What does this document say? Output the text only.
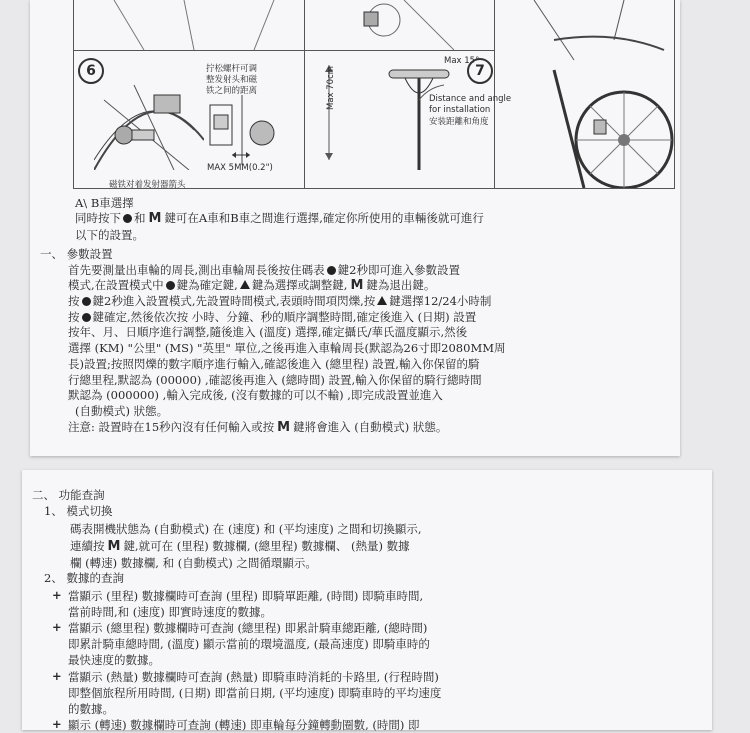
6	拧松螺杆可调
整发射头和磁
铁之间的距离
MAX 5MM(0.2")
磁铁对着发射器箭头
Max 15°
7
Max 70cm	Distance and angle
for installation
安装距離和角度
A\ B車選擇
同時按下 和 M 鍵可在A車和B車之間進行選擇,確定你所使用的車輛後就可進行
以下的設置。
一、 參數設置
首先要測量出車輪的周長,測出車輪周長後按住碼表 鍵2秒即可進入參數設置
模式,在設置模式中 鍵為確定鍵, 鍵為選擇或調整鍵, M 鍵為退出鍵。
按 鍵2秒進入設置模式,先設置時間模式,表頭時間項閃爍,按 鍵選擇12/24小時制
按 鍵確定,然後依次按 小時、分鐘、秒的順序調整時間,確定後進入 (日期) 設置
按年、月、日順序進行調整,隨後進入 (溫度) 選擇,確定攝氏/華氏溫度顯示,然後
選擇 (KM) "公里" (MS) "英里" 單位,之後再進入車輪周長(默認為26寸即2080MM周
長)設置;按照閃爍的數字順序進行輸入,確認後進入 (總里程) 設置,輸入你保留的騎
行總里程,默認為 (00000) ,確認後再進入 (總時間) 設置,輸入你保留的騎行總時間
默認為 (000000) ,輸入完成後, (沒有數據的可以不輸) ,即完成設置並進入
(自動模式) 狀態。
注意: 設置時在15秒內沒有任何輸入或按 M 鍵將會進入 (自動模式) 狀態。
二、 功能查詢
1、 模式切換
碼表開機狀態為 (自動模式) 在 (速度) 和 (平均速度) 之間和切換顯示,
連續按 M 鍵,就可在 (里程) 數據欄, (總里程) 數據欄、 (熱量) 數據
欄 (轉速) 數據欄, 和 (自動模式) 之間循環顯示。
2、 數據的查詢
+ 當顯示 (里程) 數據欄時可查詢 (里程) 即騎單距離, (時間) 即騎車時間,
當前時間,和 (速度) 即實時速度的數據。
+ 當顯示 (總里程) 數據欄時可查詢 (總里程) 即累計騎車總距離, (總時間)
即累計騎車總時間, (溫度) 顯示當前的環境溫度, (最高速度) 即騎車時的
最快速度的數據。
+ 當顯示 (熱量) 數據欄時可查詢 (熱量) 即騎車時消耗的卡路里, (行程時間)
即整個旅程所用時間, (日期) 即當前日期, (平均速度) 即騎車時的平均速度
的數據。
+ 顯示 (轉速) 數據欄時可查詢 (轉速) 即車輪每分鐘轉動圈數, (時間) 即
